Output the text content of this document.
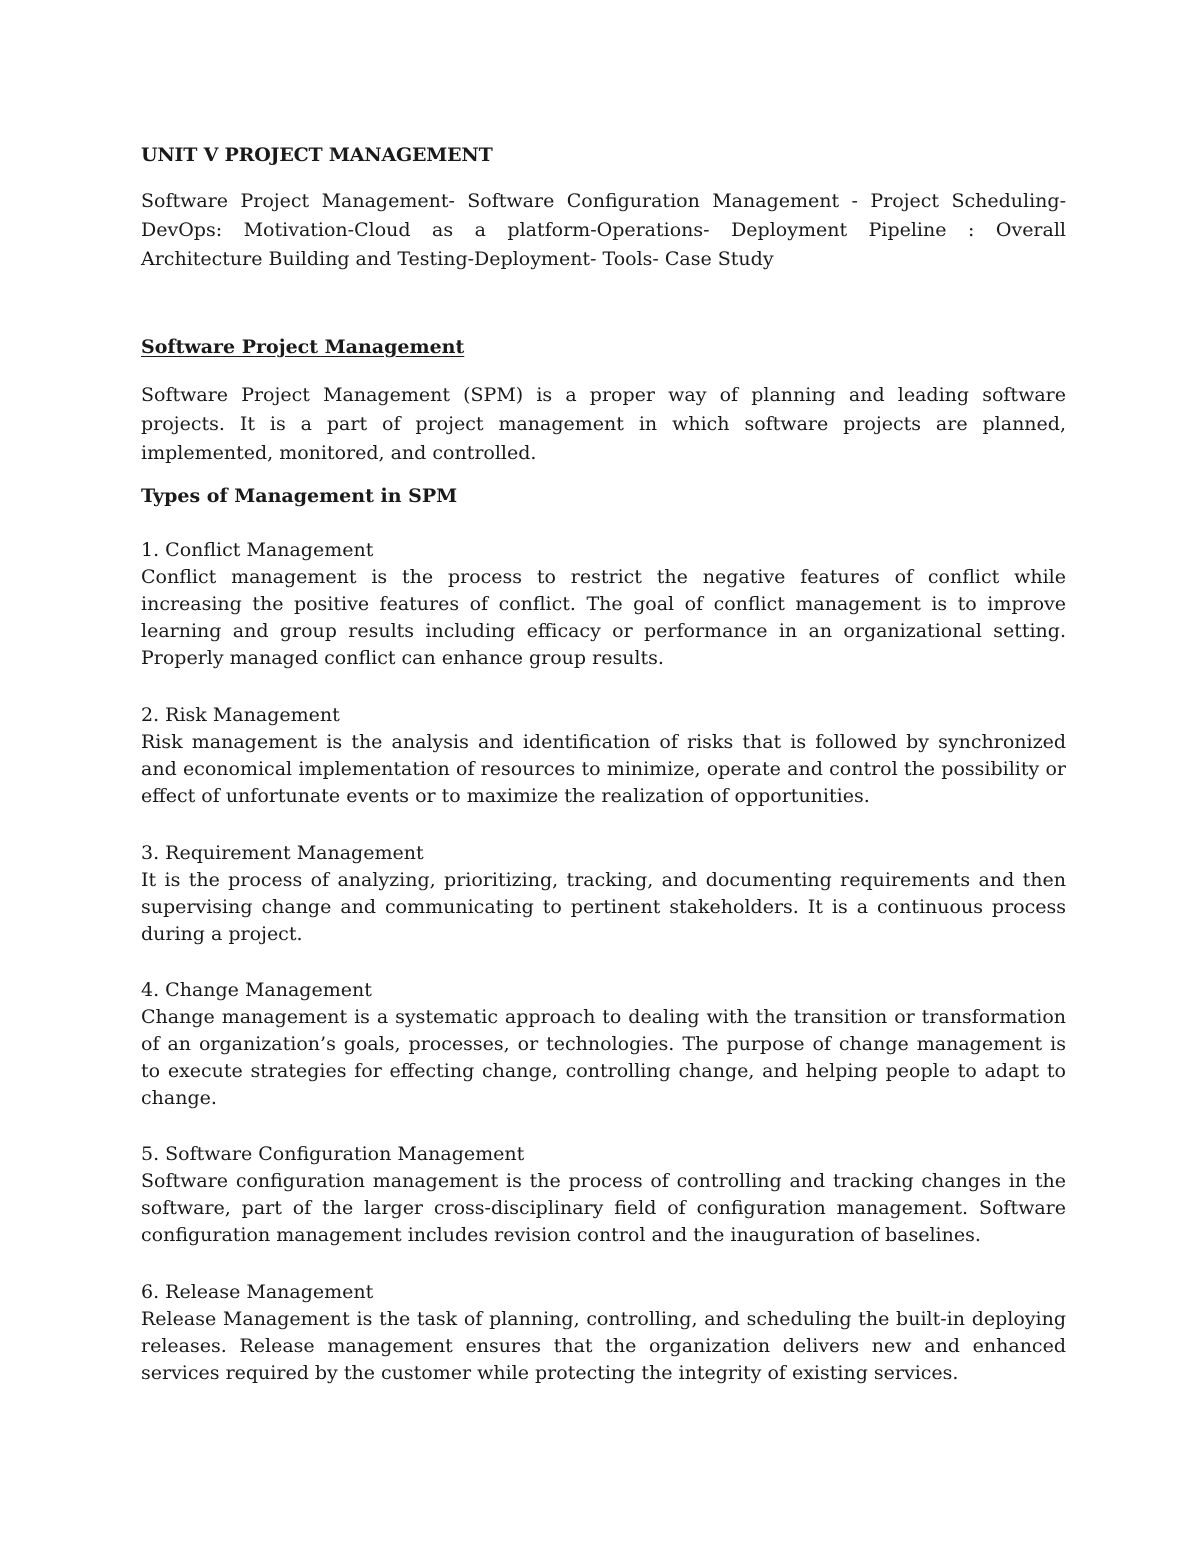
UNIT V PROJECT MANAGEMENT

Software Project Management- Software Configuration Management - Project Scheduling- DevOps: Motivation-Cloud as a platform-Operations- Deployment Pipeline : Overall Architecture Building and Testing-Deployment- Tools- Case Study

Software Project Management

Software Project Management (SPM) is a proper way of planning and leading software projects. It is a part of project management in which software projects are planned, implemented, monitored, and controlled.

Types of Management in SPM

1. Conflict Management

Conflict management is the process to restrict the negative features of conflict while increasing the positive features of conflict. The goal of conflict management is to improve learning and group results including efficacy or performance in an organizational setting. Properly managed conflict can enhance group results.

2. Risk Management

Risk management is the analysis and identification of risks that is followed by synchronized and economical implementation of resources to minimize, operate and control the possibility or effect of unfortunate events or to maximize the realization of opportunities.

3. Requirement Management

It is the process of analyzing, prioritizing, tracking, and documenting requirements and then supervising change and communicating to pertinent stakeholders. It is a continuous process during a project.

4. Change Management

Change management is a systematic approach to dealing with the transition or transformation of an organization’s goals, processes, or technologies. The purpose of change management is to execute strategies for effecting change, controlling change, and helping people to adapt to change.

5. Software Configuration Management

Software configuration management is the process of controlling and tracking changes in the software, part of the larger cross-disciplinary field of configuration management. Software configuration management includes revision control and the inauguration of baselines.

6. Release Management

Release Management is the task of planning, controlling, and scheduling the built-in deploying releases. Release management ensures that the organization delivers new and enhanced services required by the customer while protecting the integrity of existing services.
